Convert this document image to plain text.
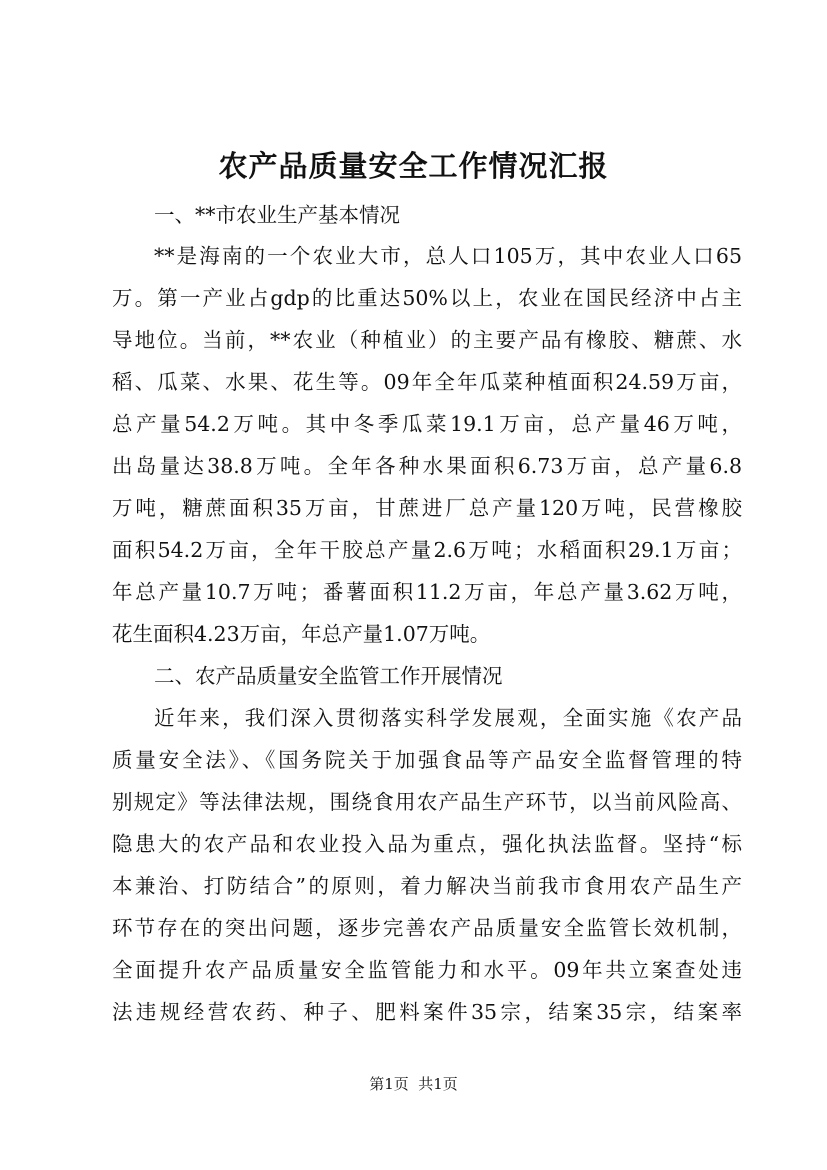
农产品质量安全工作情况汇报
一、**市农业生产基本情况
**是海南的一个农业大市，总人口105万，其中农业人口65
万。第一产业占gdp的比重达50%以上，农业在国民经济中占主
导地位。当前，**农业（种植业）的主要产品有橡胶、糖蔗、水
稻、瓜菜、水果、花生等。09年全年瓜菜种植面积24.59万亩，
总产量54.2万吨。其中冬季瓜菜19.1万亩，总产量46万吨，
出岛量达38.8万吨。全年各种水果面积6.73万亩，总产量6.8
万吨，糖蔗面积35万亩，甘蔗进厂总产量120万吨，民营橡胶
面积54.2万亩，全年干胶总产量2.6万吨；水稻面积29.1万亩；
年总产量10.7万吨；番薯面积11.2万亩，年总产量3.62万吨，
花生面积4.23万亩，年总产量1.07万吨。
二、农产品质量安全监管工作开展情况
近年来，我们深入贯彻落实科学发展观，全面实施《农产品
质量安全法》、《国务院关于加强食品等产品安全监督管理的特
别规定》等法律法规，围绕食用农产品生产环节，以当前风险高、
隐患大的农产品和农业投入品为重点，强化执法监督。坚持“标
本兼治、打防结合”的原则，着力解决当前我市食用农产品生产
环节存在的突出问题，逐步完善农产品质量安全监管长效机制，
全面提升农产品质量安全监管能力和水平。09年共立案查处违
法违规经营农药、种子、肥料案件35宗，结案35宗，结案率
第1页  共1页
